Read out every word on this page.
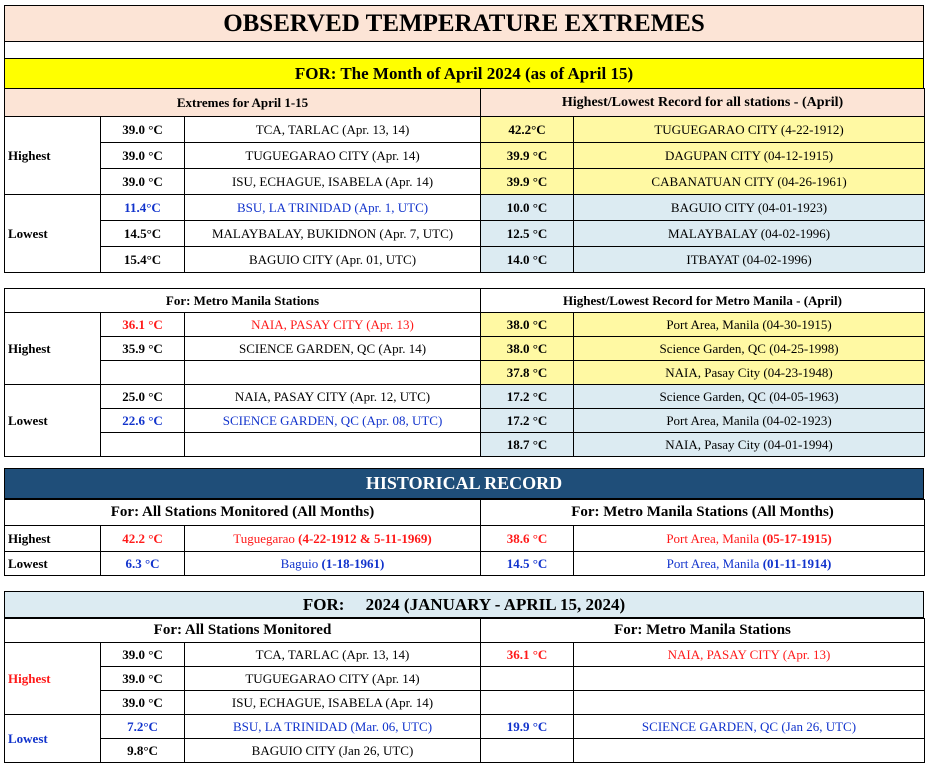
OBSERVED TEMPERATURE EXTREMES
FOR: The Month of April 2024 (as of April 15)
Extremes for April 1-15			Highest/Lowest Record for all stations - (April)	
Highest	39.0 °C	TCA, TARLAC (Apr. 13, 14)	42.2°C	TUGUEGARAO CITY (4-22-1912)
	39.0 °C	TUGUEGARAO CITY (Apr. 14)	39.9 °C	DAGUPAN CITY (04-12-1915)
	39.0 °C	ISU, ECHAGUE, ISABELA (Apr. 14)	39.9 °C	CABANATUAN CITY (04-26-1961)
Lowest	11.4°C	BSU, LA TRINIDAD (Apr. 1, UTC)	10.0 °C	BAGUIO CITY (04-01-1923)
	14.5°C	MALAYBALAY, BUKIDNON (Apr. 7, UTC)	12.5 °C	MALAYBALAY (04-02-1996)
	15.4°C	BAGUIO CITY (Apr. 01, UTC)	14.0 °C	ITBAYAT (04-02-1996)
For: Metro Manila Stations			Highest/Lowest Record for Metro Manila - (April)	
Highest	36.1 °C	NAIA, PASAY CITY (Apr. 13)	38.0 °C	Port Area, Manila (04-30-1915)
	35.9 °C	SCIENCE GARDEN, QC (Apr. 14)	38.0 °C	Science Garden, QC (04-25-1998)
			37.8 °C	NAIA, Pasay City (04-23-1948)
Lowest	25.0 °C	NAIA, PASAY CITY (Apr. 12, UTC)	17.2 °C	Science Garden, QC (04-05-1963)
	22.6 °C	SCIENCE GARDEN, QC (Apr. 08, UTC)	17.2 °C	Port Area, Manila (04-02-1923)
			18.7 °C	NAIA, Pasay City (04-01-1994)
HISTORICAL RECORD
For: All Stations Monitored (All Months)			For: Metro Manila Stations (All Months)	
Highest	42.2 °C	Tuguegarao (4-22-1912 & 5-11-1969)	38.6 °C	Port Area, Manila (05-17-1915)
Lowest	6.3 °C	Baguio (1-18-1961)	14.5 °C	Port Area, Manila (01-11-1914)
FOR:     2024 (JANUARY - APRIL 15, 2024)
For: All Stations Monitored			For: Metro Manila Stations	
Highest	39.0 °C	TCA, TARLAC (Apr. 13, 14)	36.1 °C	NAIA, PASAY CITY (Apr. 13)
	39.0 °C	TUGUEGARAO CITY (Apr. 14)		
	39.0 °C	ISU, ECHAGUE, ISABELA (Apr. 14)		
Lowest	7.2°C	BSU, LA TRINIDAD (Mar. 06, UTC)	19.9 °C	SCIENCE GARDEN, QC (Jan 26, UTC)
	9.8°C	BAGUIO CITY (Jan 26, UTC)		
